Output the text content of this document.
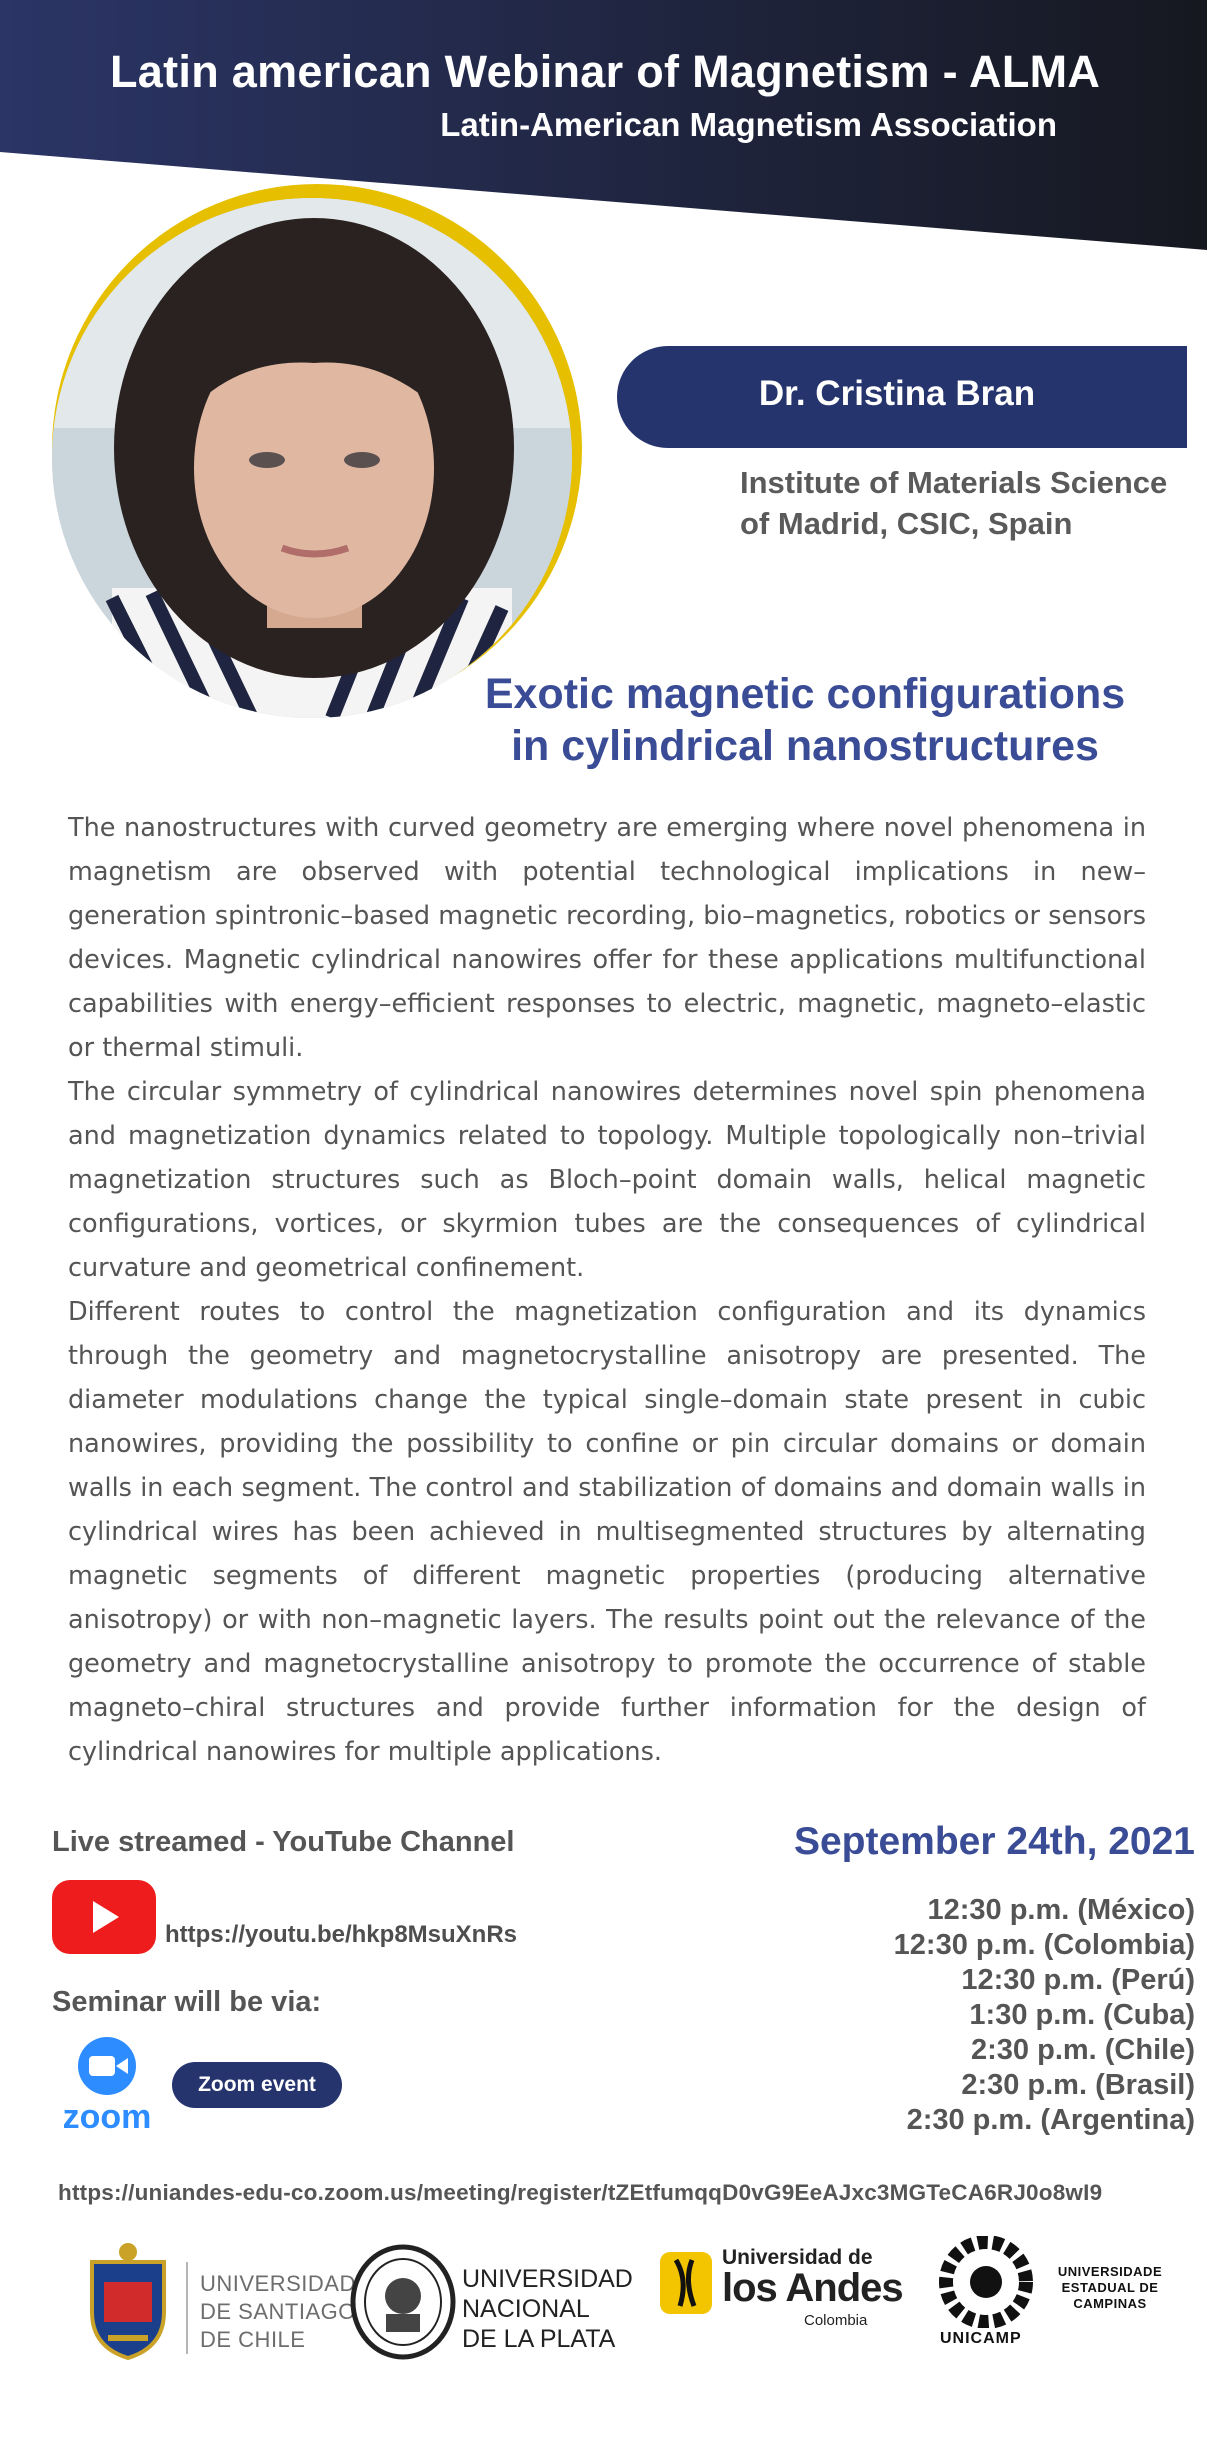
Latin american Webinar of Magnetism - ALMA
Latin-American Magnetism Association
Dr. Cristina Bran
Institute of Materials Science
of Madrid, CSIC, Spain
Exotic magnetic configurations
in cylindrical nanostructures

The nanostructures with curved geometry are emerging where novel phenomena in magnetism are observed with potential technological implications in new–generation spintronic–based magnetic recording, bio–magnetics, robotics or sensors devices. Magnetic cylindrical nanowires offer for these applications multifunctional capabilities with energy–efficient responses to electric, magnetic, magneto–elastic or thermal stimuli.

The circular symmetry of cylindrical nanowires determines novel spin phenomena and magnetization dynamics related to topology. Multiple topologically non–trivial magnetization structures such as Bloch–point domain walls, helical magnetic configurations, vortices, or skyrmion tubes are the consequences of cylindrical curvature and geometrical confinement.

Different routes to control the magnetization configuration and its dynamics through the geometry and magnetocrystalline anisotropy are presented. The diameter modulations change the typical single–domain state present in cubic nanowires, providing the possibility to confine or pin circular domains or domain walls in each segment. The control and stabilization of domains and domain walls in cylindrical wires has been achieved in multisegmented structures by alternating magnetic segments of different magnetic properties (producing alternative anisotropy) or with non–magnetic layers. The results point out the relevance of the geometry and magnetocrystalline anisotropy to promote the occurrence of stable magneto–chiral structures and provide further information for the design of cylindrical nanowires for multiple applications.

Live streamed - YouTube Channel
https://youtu.be/hkp8MsuXnRs
Seminar will be via:
zoom
Zoom event
September 24th, 2021
12:30 p.m. (México)
12:30 p.m. (Colombia)
12:30 p.m. (Perú)
1:30 p.m. (Cuba)
2:30 p.m. (Chile)
2:30 p.m. (Brasil)
2:30 p.m. (Argentina)
https://uniandes-edu-co.zoom.us/meeting/register/tZEtfumqqD0vG9EeAJxc3MGTeCA6RJ0o8wI9
UNIVERSIDAD
DE SANTIAGO
DE CHILE
UNIVERSIDAD
NACIONAL
DE LA PLATA
Universidad de
los Andes
Colombia
UNIVERSIDADE
ESTADUAL DE
CAMPINAS
UNICAMP
